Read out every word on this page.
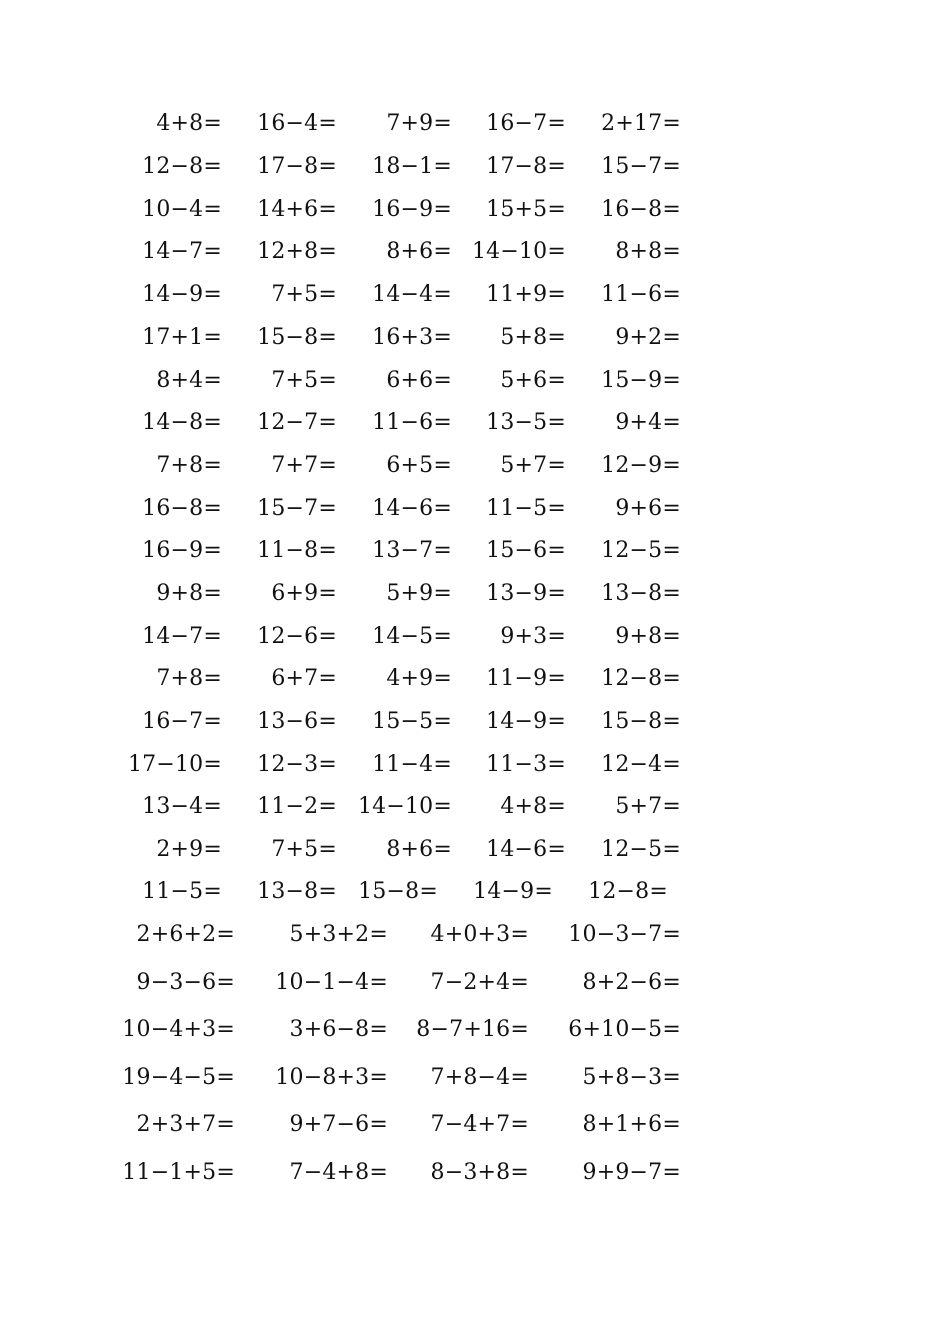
4+8= 16−4= 7+9= 16−7= 2+17=
12−8= 17−8= 18−1= 17−8= 15−7=
10−4= 14+6= 16−9= 15+5= 16−8=
14−7= 12+8= 8+6= 14−10= 8+8=
14−9= 7+5= 14−4= 11+9= 11−6=
17+1= 15−8= 16+3= 5+8= 9+2=
8+4= 7+5= 6+6= 5+6= 15−9=
14−8= 12−7= 11−6= 13−5= 9+4=
7+8= 7+7= 6+5= 5+7= 12−9=
16−8= 15−7= 14−6= 11−5= 9+6=
16−9= 11−8= 13−7= 15−6= 12−5=
9+8= 6+9= 5+9= 13−9= 13−8=
14−7= 12−6= 14−5= 9+3= 9+8=
7+8= 6+7= 4+9= 11−9= 12−8=
16−7= 13−6= 15−5= 14−9= 15−8=
17−10= 12−3= 11−4= 11−3= 12−4=
13−4= 11−2= 14−10= 4+8= 5+7=
2+9= 7+5= 8+6= 14−6= 12−5=
11−5= 13−8= 15−8= 14−9= 12−8=
2+6+2= 5+3+2= 4+0+3= 10−3−7=
9−3−6= 10−1−4= 7−2+4= 8+2−6=
10−4+3= 3+6−8= 8−7+16= 6+10−5=
19−4−5= 10−8+3= 7+8−4= 5+8−3=
2+3+7= 9+7−6= 7−4+7= 8+1+6=
11−1+5= 7−4+8= 8−3+8= 9+9−7=
